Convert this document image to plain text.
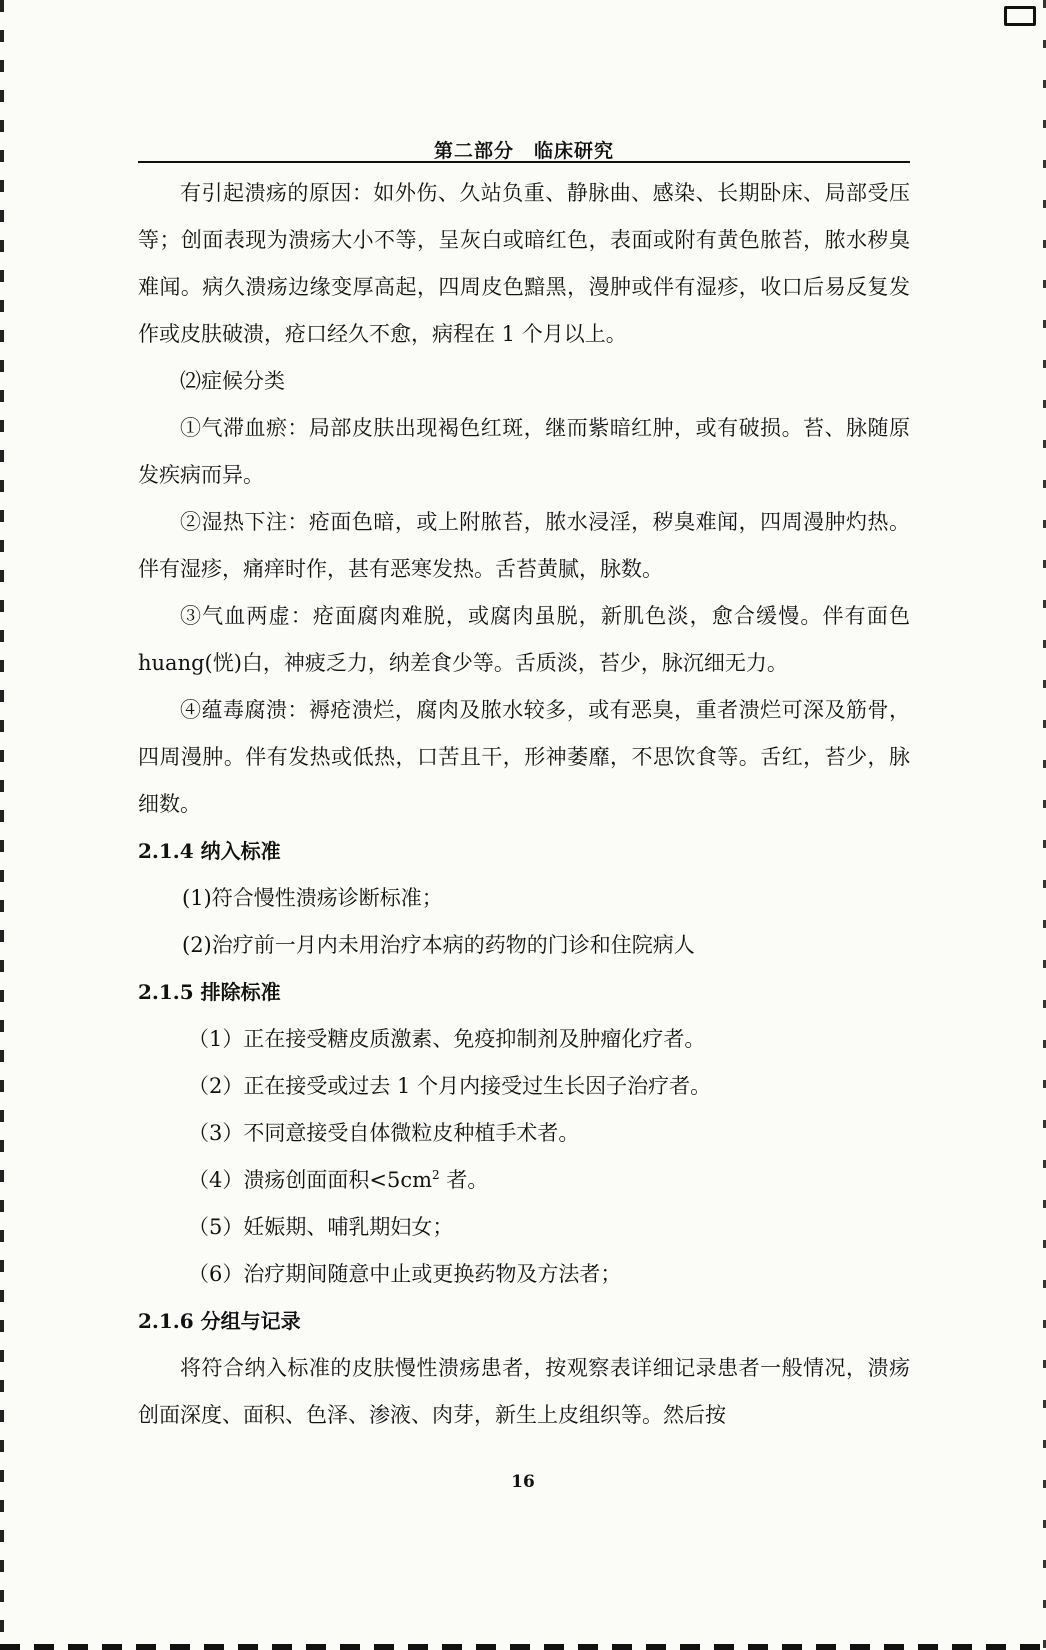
第二部分　临床研究

有引起溃疡的原因：如外伤、久站负重、静脉曲、感染、长期卧床、局部受压等；创面表现为溃疡大小不等，呈灰白或暗红色，表面或附有黄色脓苔，脓水秽臭难闻。病久溃疡边缘变厚高起，四周皮色黯黑，漫肿或伴有湿疹，收口后易反复发作或皮肤破溃，疮口经久不愈，病程在 1 个月以上。

⑵症候分类

①气滞血瘀：局部皮肤出现褐色红斑，继而紫暗红肿，或有破损。苔、脉随原发疾病而异。

②湿热下注：疮面色暗，或上附脓苔，脓水浸淫，秽臭难闻，四周漫肿灼热。伴有湿疹，痛痒时作，甚有恶寒发热。舌苔黄腻，脉数。

③气血两虚：疮面腐肉难脱，或腐肉虽脱，新肌色淡，愈合缓慢。伴有面色 huang(恍)白，神疲乏力，纳差食少等。舌质淡，苔少，脉沉细无力。

④蕴毒腐溃：褥疮溃烂，腐肉及脓水较多，或有恶臭，重者溃烂可深及筋骨，四周漫肿。伴有发热或低热，口苦且干，形神萎靡，不思饮食等。舌红，苔少，脉细数。

2.1.4 纳入标准
(1)符合慢性溃疡诊断标准；
(2)治疗前一月内未用治疗本病的药物的门诊和住院病人
2.1.5 排除标准
（1）正在接受糖皮质激素、免疫抑制剂及肿瘤化疗者。
（2）正在接受或过去 1 个月内接受过生长因子治疗者。
（3）不同意接受自体微粒皮种植手术者。
（4）溃疡创面面积$<5cm^2$ 者。
（5）妊娠期、哺乳期妇女；
（6）治疗期间随意中止或更换药物及方法者；
2.1.6 分组与记录

将符合纳入标准的皮肤慢性溃疡患者，按观察表详细记录患者一般情况，溃疡创面深度、面积、色泽、渗液、肉芽，新生上皮组织等。然后按

16
